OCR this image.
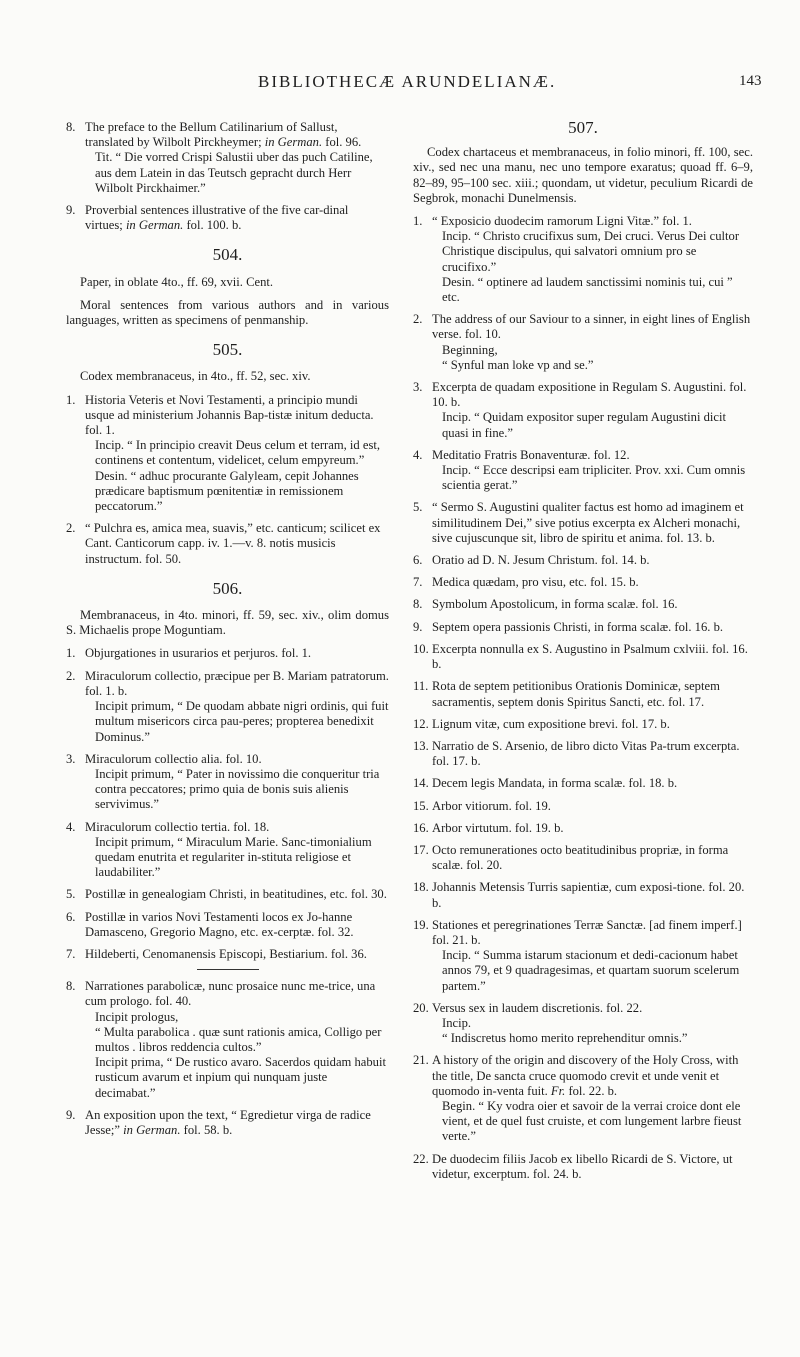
BIBLIOTHECÆ ARUNDELIANÆ.	143
8. The preface to the Bellum Catilinarium of Sallust, translated by Wilbolt Pirckheymer; in German. fol. 96.
Tit. “ Die vorred Crispi Salustii uber das puch Catiline, aus dem Latein in das Teutsch gepracht durch Herr Wilbolt Pirckhaimer.”
9. Proverbial sentences illustrative of the five car-dinal virtues; in German. fol. 100. b.
504.
Paper, in oblate 4to., ff. 69, xvii. Cent.
Moral sentences from various authors and in various languages, written as specimens of penmanship.
505.
Codex membranaceus, in 4to., ff. 52, sec. xiv.
1. Historia Veteris et Novi Testamenti, a principio mundi usque ad ministerium Johannis Bap-tistæ initum deducta. fol. 1.
Incip. “ In principio creavit Deus celum et terram, id est, continens et contentum, videlicet, celum empyreum.”
Desin. “ adhuc procurante Galyleam, cepit Johannes prædicare baptismum pœnitentiæ in remissionem peccatorum.”
2. “ Pulchra es, amica mea, suavis,” etc. canticum; scilicet ex Cant. Canticorum capp. iv. 1.—v. 8. notis musicis instructum. fol. 50.
506.
Membranaceus, in 4to. minori, ff. 59, sec. xiv., olim domus S. Michaelis prope Moguntiam.
1. Objurgationes in usurarios et perjuros. fol. 1.
2. Miraculorum collectio, præcipue per B. Mariam patratorum. fol. 1. b.
Incipit primum, “ De quodam abbate nigri ordinis, qui fuit multum misericors circa pau-peres; propterea benedixit Dominus.”
3. Miraculorum collectio alia. fol. 10.
Incipit primum, “ Pater in novissimo die conqueritur tria contra peccatores; primo quia de bonis suis alienis servivimus.”
4. Miraculorum collectio tertia. fol. 18.
Incipit primum, “ Miraculum Marie. Sanc-timonialium quedam enutrita et regulariter in-stituta religiose et laudabiliter.”
5. Postillæ in genealogiam Christi, in beatitudines, etc. fol. 30.
6. Postillæ in varios Novi Testamenti locos ex Jo-hanne Damasceno, Gregorio Magno, etc. ex-cerptæ. fol. 32.
7. Hildeberti, Cenomanensis Episcopi, Bestiarium. fol. 36.
8. Narrationes parabolicæ, nunc prosaice nunc me-trice, una cum prologo. fol. 40.
Incipit prologus,
“ Multa parabolica . quæ sunt rationis amica, Colligo per multos . libros reddencia cultos.”
Incipit prima, “ De rustico avaro. Sacerdos quidam habuit rusticum avarum et inpium qui nunquam juste decimabat.”
9. An exposition upon the text, “ Egredietur virga de radice Jesse;” in German. fol. 58. b.
507.
Codex chartaceus et membranaceus, in folio minori, ff. 100, sec. xiv., sed nec una manu, nec uno tempore exaratus; quoad ff. 6–9, 82–89, 95–100 sec. xiii.; quondam, ut videtur, peculium Ricardi de Segbrok, monachi Dunelmensis.
1. “ Exposicio duodecim ramorum Ligni Vitæ.” fol. 1.
Incip. “ Christo crucifixus sum, Dei cruci. Verus Dei cultor Christique discipulus, qui salvatori omnium pro se crucifixo.”
Desin. “ optinere ad laudem sanctissimi nominis tui, cui ” etc.
2. The address of our Saviour to a sinner, in eight lines of English verse. fol. 10.
Beginning,
“ Synful man loke vp and se.”
3. Excerpta de quadam expositione in Regulam S. Augustini. fol. 10. b.
Incip. “ Quidam expositor super regulam Augustini dicit quasi in fine.”
4. Meditatio Fratris Bonaventuræ. fol. 12.
Incip. “ Ecce descripsi eam tripliciter. Prov. xxi. Cum omnis scientia gerat.”
5. “ Sermo S. Augustini qualiter factus est homo ad imaginem et similitudinem Dei,” sive potius excerpta ex Alcheri monachi, sive cujuscunque sit, libro de spiritu et anima. fol. 13. b.
6. Oratio ad D. N. Jesum Christum. fol. 14. b.
7. Medica quædam, pro visu, etc. fol. 15. b.
8. Symbolum Apostolicum, in forma scalæ. fol. 16.
9. Septem opera passionis Christi, in forma scalæ. fol. 16. b.
10. Excerpta nonnulla ex S. Augustino in Psalmum cxlviii. fol. 16. b.
11. Rota de septem petitionibus Orationis Dominicæ, septem sacramentis, septem donis Spiritus Sancti, etc. fol. 17.
12. Lignum vitæ, cum expositione brevi. fol. 17. b.
13. Narratio de S. Arsenio, de libro dicto Vitas Pa-trum excerpta. fol. 17. b.
14. Decem legis Mandata, in forma scalæ. fol. 18. b.
15. Arbor vitiorum. fol. 19.
16. Arbor virtutum. fol. 19. b.
17. Octo remunerationes octo beatitudinibus propriæ, in forma scalæ. fol. 20.
18. Johannis Metensis Turris sapientiæ, cum exposi-tione. fol. 20. b.
19. Stationes et peregrinationes Terræ Sanctæ. [ad finem imperf.] fol. 21. b.
Incip. “ Summa istarum stacionum et dedi-cacionum habet annos 79, et 9 quadragesimas, et quartam suorum scelerum partem.”
20. Versus sex in laudem discretionis. fol. 22.
Incip.
“ Indiscretus homo merito reprehenditur omnis.”
21. A history of the origin and discovery of the Holy Cross, with the title, De sancta cruce quomodo crevit et unde venit et quomodo in-venta fuit. Fr. fol. 22. b.
Begin. “ Ky vodra oier et savoir de la verrai croice dont ele vient, et de quel fust cruiste, et com lungement larbre fieust verte.”
22. De duodecim filiis Jacob ex libello Ricardi de S. Victore, ut videtur, excerptum. fol. 24. b.
